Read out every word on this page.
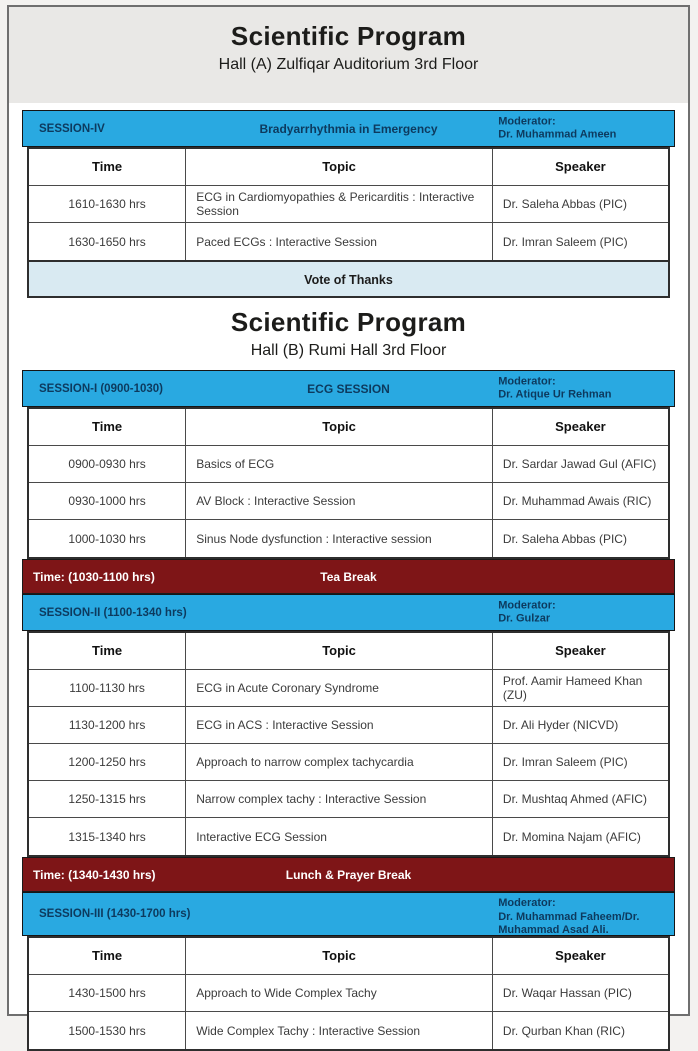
Scientific Program
Hall (A) Zulfiqar Auditorium 3rd Floor
SESSION-IV	Bradyarrhythmia in Emergency
Moderator:
Dr. Muhammad Ameen
Time	Topic	Speaker
1610-1630 hrs	ECG in Cardiomyopathies & Pericarditis : Interactive Session	Dr. Saleha Abbas (PIC)
1630-1650 hrs	Paced ECGs : Interactive Session	Dr. Imran Saleem (PIC)
Vote of Thanks
Scientific Program
Hall (B) Rumi Hall 3rd Floor
SESSION-I (0900-1030)	ECG SESSION
Moderator:
Dr. Atique Ur Rehman
Time	Topic	Speaker
0900-0930 hrs	Basics of ECG	Dr. Sardar Jawad Gul (AFIC)
0930-1000 hrs	AV Block : Interactive Session	Dr. Muhammad Awais (RIC)
1000-1030 hrs	Sinus Node dysfunction : Interactive session	Dr. Saleha Abbas (PIC)
Time: (1030-1100 hrs)	Tea Break
SESSION-II (1100-1340 hrs)
Moderator:
Dr. Gulzar
Time	Topic	Speaker
1100-1130 hrs	ECG in Acute Coronary Syndrome	Prof. Aamir Hameed Khan (ZU)
1130-1200 hrs	ECG in ACS : Interactive Session	Dr. Ali Hyder (NICVD)
1200-1250 hrs	Approach to narrow complex tachycardia	Dr. Imran Saleem (PIC)
1250-1315 hrs	Narrow complex tachy : Interactive Session	Dr. Mushtaq Ahmed (AFIC)
1315-1340 hrs	Interactive ECG Session	Dr. Momina Najam (AFIC)
Time: (1340-1430 hrs)	Lunch & Prayer Break
SESSION-III (1430-1700 hrs)
Moderator:
Dr. Muhammad Faheem/Dr.
Muhammad Asad Ali.
Time	Topic	Speaker
1430-1500 hrs	Approach to Wide Complex Tachy	Dr. Waqar Hassan (PIC)
1500-1530 hrs	Wide Complex Tachy : Interactive Session	Dr. Qurban Khan (RIC)
